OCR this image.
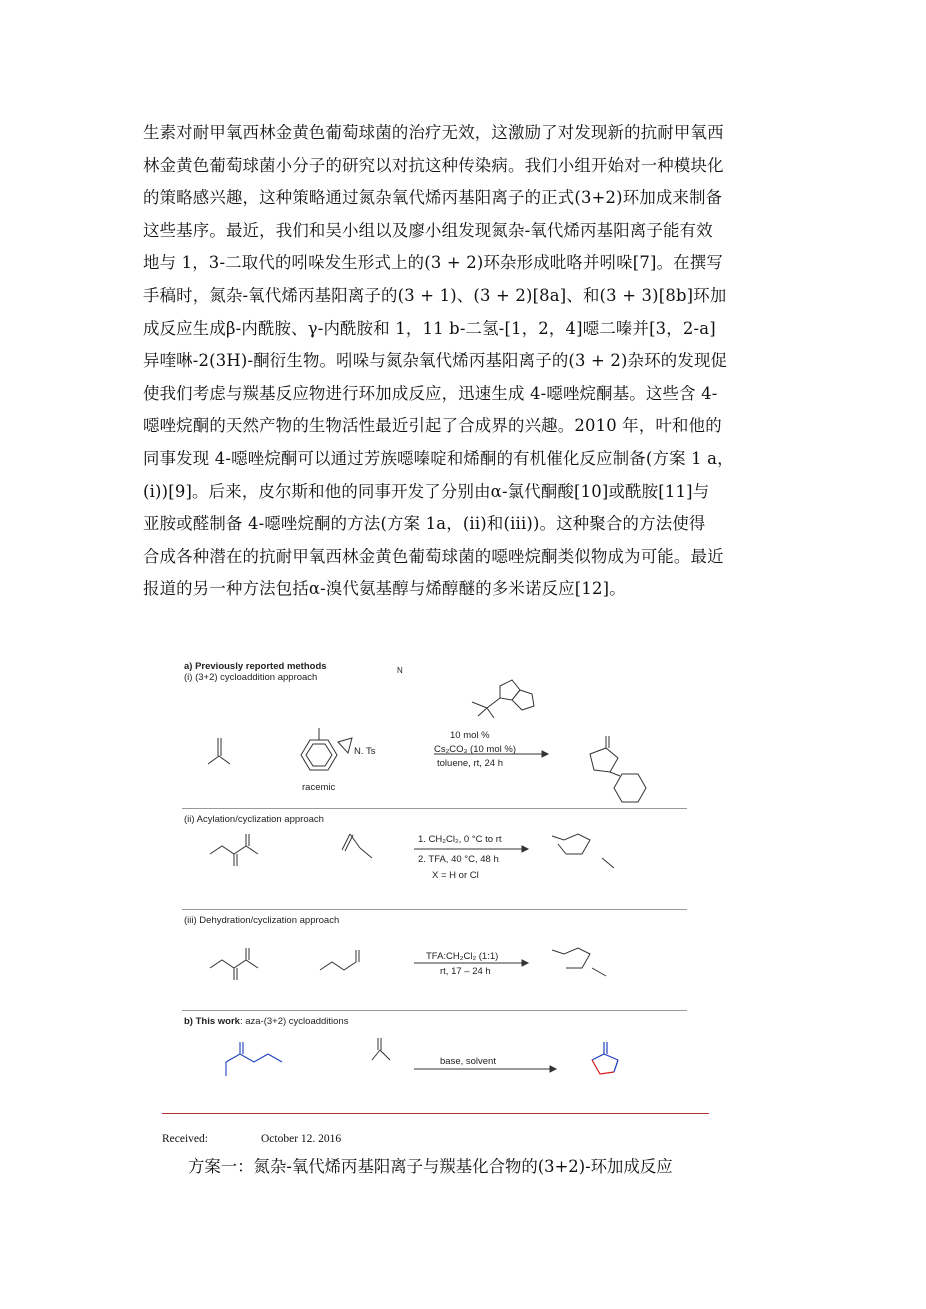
生素对耐甲氧西林金黄色葡萄球菌的治疗无效，这激励了对发现新的抗耐甲氧西
林金黄色葡萄球菌小分子的研究以对抗这种传染病。我们小组开始对一种模块化
的策略感兴趣，这种策略通过氮杂氧代烯丙基阳离子的正式(3+2)环加成来制备
这些基序。最近，我们和吴小组以及廖小组发现氮杂-氧代烯丙基阳离子能有效
地与 1，3-二取代的吲哚发生形式上的(3 + 2)环杂形成吡咯并吲哚[7]。在撰写
手稿时，氮杂-氧代烯丙基阳离子的(3 + 1)、(3 + 2)[8a]、和(3 + 3)[8b]环加
成反应生成β-内酰胺、γ-内酰胺和 1，11 b-二氢-[1，2，4]噁二嗪并[3，2-a]
异喹啉-2(3H)-酮衍生物。吲哚与氮杂氧代烯丙基阳离子的(3 + 2)杂环的发现促
使我们考虑与羰基反应物进行环加成反应，迅速生成 4-噁唑烷酮基。这些含 4-
噁唑烷酮的天然产物的生物活性最近引起了合成界的兴趣。2010 年，叶和他的
同事发现 4-噁唑烷酮可以通过芳族噁嗪啶和烯酮的有机催化反应制备(方案 1 a，
(i))[9]。后来，皮尔斯和他的同事开发了分别由α-氯代酮酸[10]或酰胺[11]与
亚胺或醛制备 4-噁唑烷酮的方法(方案 1a，(ii)和(iii))。这种聚合的方法使得
合成各种潜在的抗耐甲氧西林金黄色葡萄球菌的噁唑烷酮类似物成为可能。最近
报道的另一种方法包括α-溴代氨基醇与烯醇醚的多米诺反应[12]。
a) Previously reported methods
(i) (3+2) cycloaddition approach
N
N. Ts
racemic
10 mol %
Cs₂CO₃ (10 mol %)
toluene, rt, 24 h
(ii) Acylation/cyclization approach
1. CH₂Cl₂, 0 °C to rt
2. TFA, 40 °C, 48 h
X = H or Cl
(iii) Dehydration/cyclization approach
TFA:CH₂Cl₂ (1:1)
rt, 17 – 24 h
b) This work: aza-(3+2) cycloadditions
base, solvent
Received:	October 12. 2016
方案一：氮杂-氧代烯丙基阳离子与羰基化合物的(3+2)-环加成反应
